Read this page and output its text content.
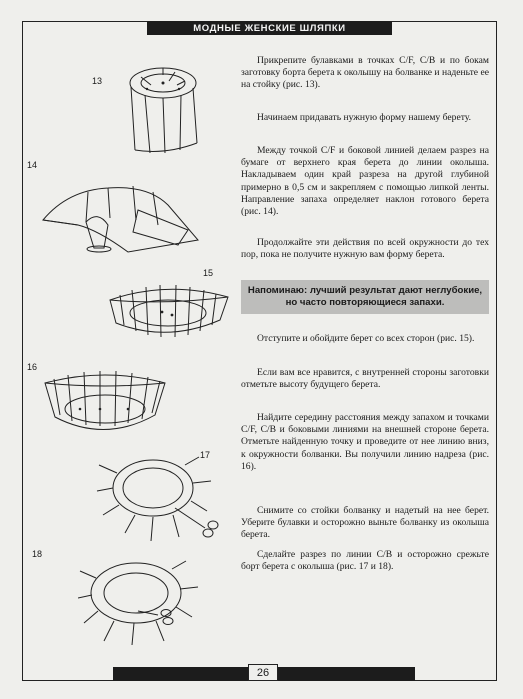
МОДНЫЕ ЖЕНСКИЕ ШЛЯПКИ

Прикрепите булавками в точках C/F, C/B и по бокам заготовку борта берета к околышу на болванке и наденьте ее на стойку (рис. 13).

Начинаем придавать нужную форму нашему берету.

Между точкой C/F и боковой линией делаем разрез на бумаге от верхнего края берета до линии околыша. Накладываем один край разреза на другой глубиной примерно в 0,5 см и закрепляем с помощью липкой ленты. Направление запаха определяет наклон готового берета (рис. 14).

Продолжайте эти действия по всей окружности до тех пор, пока не получите нужную вам форму берета.

Напоминаю: лучший результат дают неглубокие, но часто повторяющиеся запахи.

Отступите и обойдите берет со всех сторон (рис. 15).

Если вам все нравится, с внутренней стороны заготовки отметьте высоту будущего берета.

Найдите середину расстояния между запахом и точками C/F, C/B и боковыми линиями на внешней стороне берета. Отметьте найденную точку и проведите от нее линию вниз, к окружности болванки. Вы получили линию надреза (рис. 16).

Снимите со стойки болванку и надетый на нее берет. Уберите булавки и осторожно выньте болванку из околыша берета.

Сделайте разрез по линии C/B и осторожно срежьте борт берета с околыша (рис. 17 и 18).

13
14
15
16
17
18
26
